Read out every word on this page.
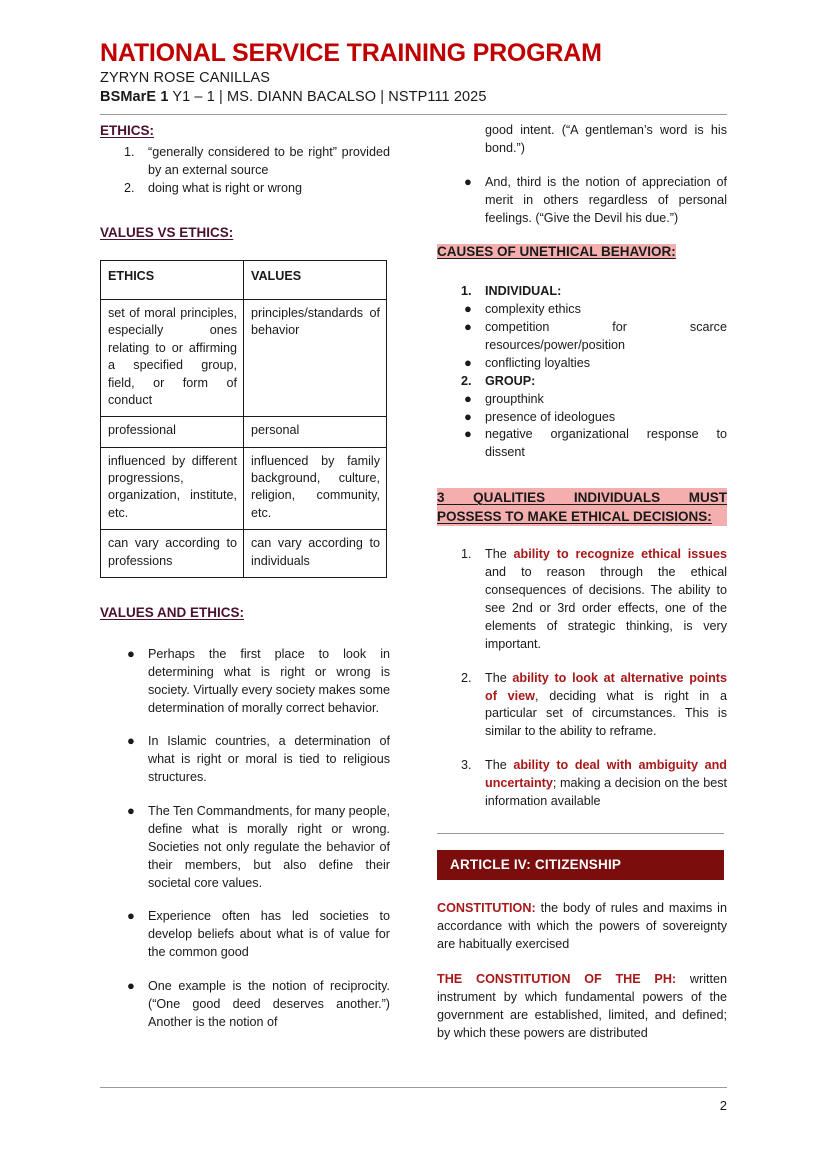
NATIONAL SERVICE TRAINING PROGRAM
ZYRYN ROSE CANILLAS
BSMarE 1 Y1 – 1 | MS. DIANN BACALSO | NSTP111 2025
ETHICS:
1.	“generally considered to be right” provided by an external source
2.	doing what is right or wrong
VALUES VS ETHICS:
ETHICS	VALUES
set of moral principles, especially ones relating to or affirming a specified group, field, or form of conduct	principles/standards of behavior
professional	personal
influenced by different progressions, organization, institute, etc.	influenced by family background, culture, religion, community, etc.
can vary according to professions	can vary according to individuals
VALUES AND ETHICS:
● Perhaps the first place to look in determining what is right or wrong is society. Virtually every society makes some determination of morally correct behavior.
● In Islamic countries, a determination of what is right or moral is tied to religious structures.
● The Ten Commandments, for many people, define what is morally right or wrong. Societies not only regulate the behavior of their members, but also define their societal core values.
● Experience often has led societies to develop beliefs about what is of value for the common good
● One example is the notion of reciprocity. (“One good deed deserves another.”) Another is the notion of
good intent. (“A gentleman’s word is his bond.”)
● And, third is the notion of appreciation of merit in others regardless of personal feelings. (“Give the Devil his due.”)
CAUSES OF UNETHICAL BEHAVIOR:
1.	INDIVIDUAL:
● complexity ethics
● competition for scarce resources/power/position
● conflicting loyalties
2.	GROUP:
● groupthink
● presence of ideologues
● negative organizational response to dissent
3 QUALITIES INDIVIDUALS MUST
POSSESS TO MAKE ETHICAL DECISIONS:
1.	The ability to recognize ethical issues and to reason through the ethical consequences of decisions. The ability to see 2nd or 3rd order effects, one of the elements of strategic thinking, is very important.
2.	The ability to look at alternative points of view, deciding what is right in a particular set of circumstances. This is similar to the ability to reframe.
3.	The ability to deal with ambiguity and uncertainty; making a decision on the best information available
ARTICLE IV: CITIZENSHIP
CONSTITUTION: the body of rules and maxims in accordance with which the powers of sovereignty are habitually exercised
THE CONSTITUTION OF THE PH: written instrument by which fundamental powers of the government are established, limited, and defined; by which these powers are distributed
2
